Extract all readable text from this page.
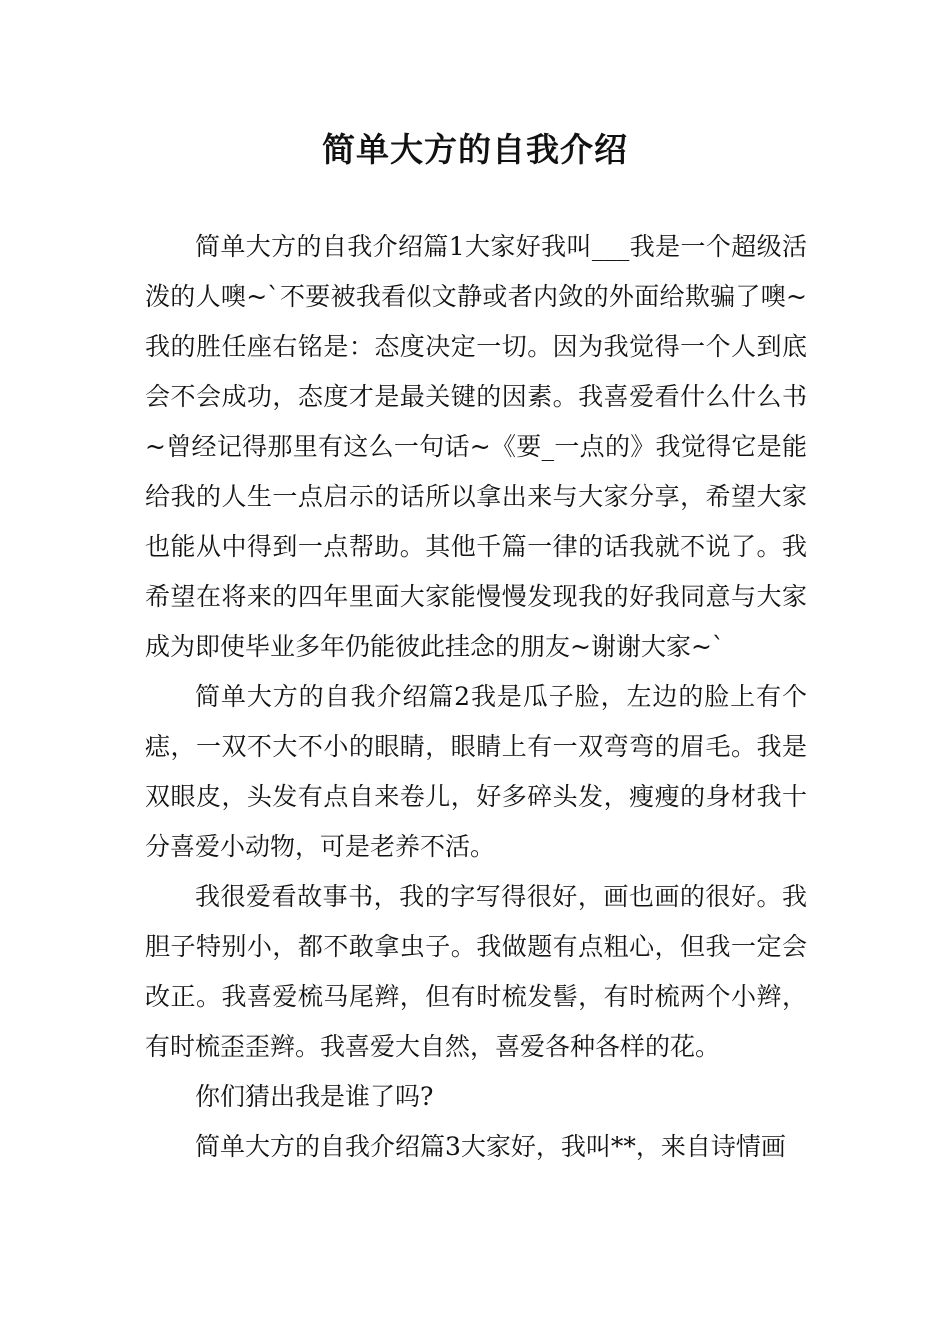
简单大方的自我介绍

简单大方的自我介绍篇1大家好我叫___我是一个超级活泼的人噢~`不要被我看似文静或者内敛的外面给欺骗了噢~我的胜任座右铭是：态度决定一切。因为我觉得一个人到底会不会成功，态度才是最关键的因素。我喜爱看什么什么书~曾经记得那里有这么一句话~《要_一点的》我觉得它是能给我的人生一点启示的话所以拿出来与大家分享，希望大家也能从中得到一点帮助。其他千篇一律的话我就不说了。我希望在将来的四年里面大家能慢慢发现我的好我同意与大家成为即使毕业多年仍能彼此挂念的朋友~谢谢大家~`

简单大方的自我介绍篇2我是瓜子脸，左边的脸上有个痣，一双不大不小的眼睛，眼睛上有一双弯弯的眉毛。我是双眼皮，头发有点自来卷儿，好多碎头发，瘦瘦的身材我十分喜爱小动物，可是老养不活。

我很爱看故事书，我的字写得很好，画也画的很好。我胆子特别小，都不敢拿虫子。我做题有点粗心，但我一定会改正。我喜爱梳马尾辫，但有时梳发髻，有时梳两个小辫，有时梳歪歪辫。我喜爱大自然，喜爱各种各样的花。

你们猜出我是谁了吗?

简单大方的自我介绍篇3大家好，我叫**，来自诗情画
